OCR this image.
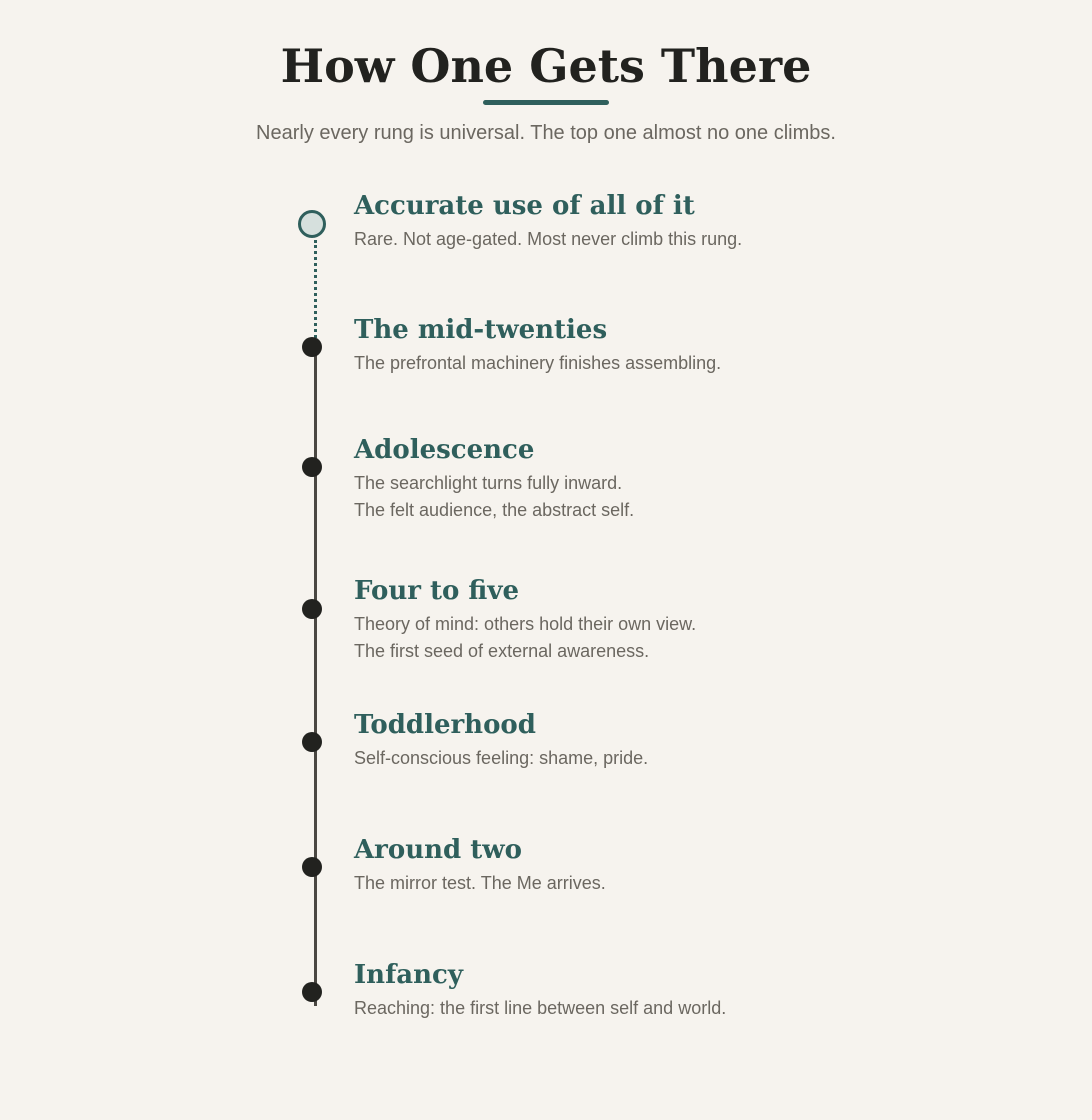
How One Gets There
Nearly every rung is universal. The top one almost no one climbs.
Accurate use of all of it

Rare. Not age-gated. Most never climb this rung.

The mid-twenties

The prefrontal machinery finishes assembling.

Adolescence

The searchlight turns fully inward.
The felt audience, the abstract self.

Four to five

Theory of mind: others hold their own view.
The first seed of external awareness.

Toddlerhood

Self-conscious feeling: shame, pride.

Around two

The mirror test. The Me arrives.

Infancy

Reaching: the first line between self and world.
